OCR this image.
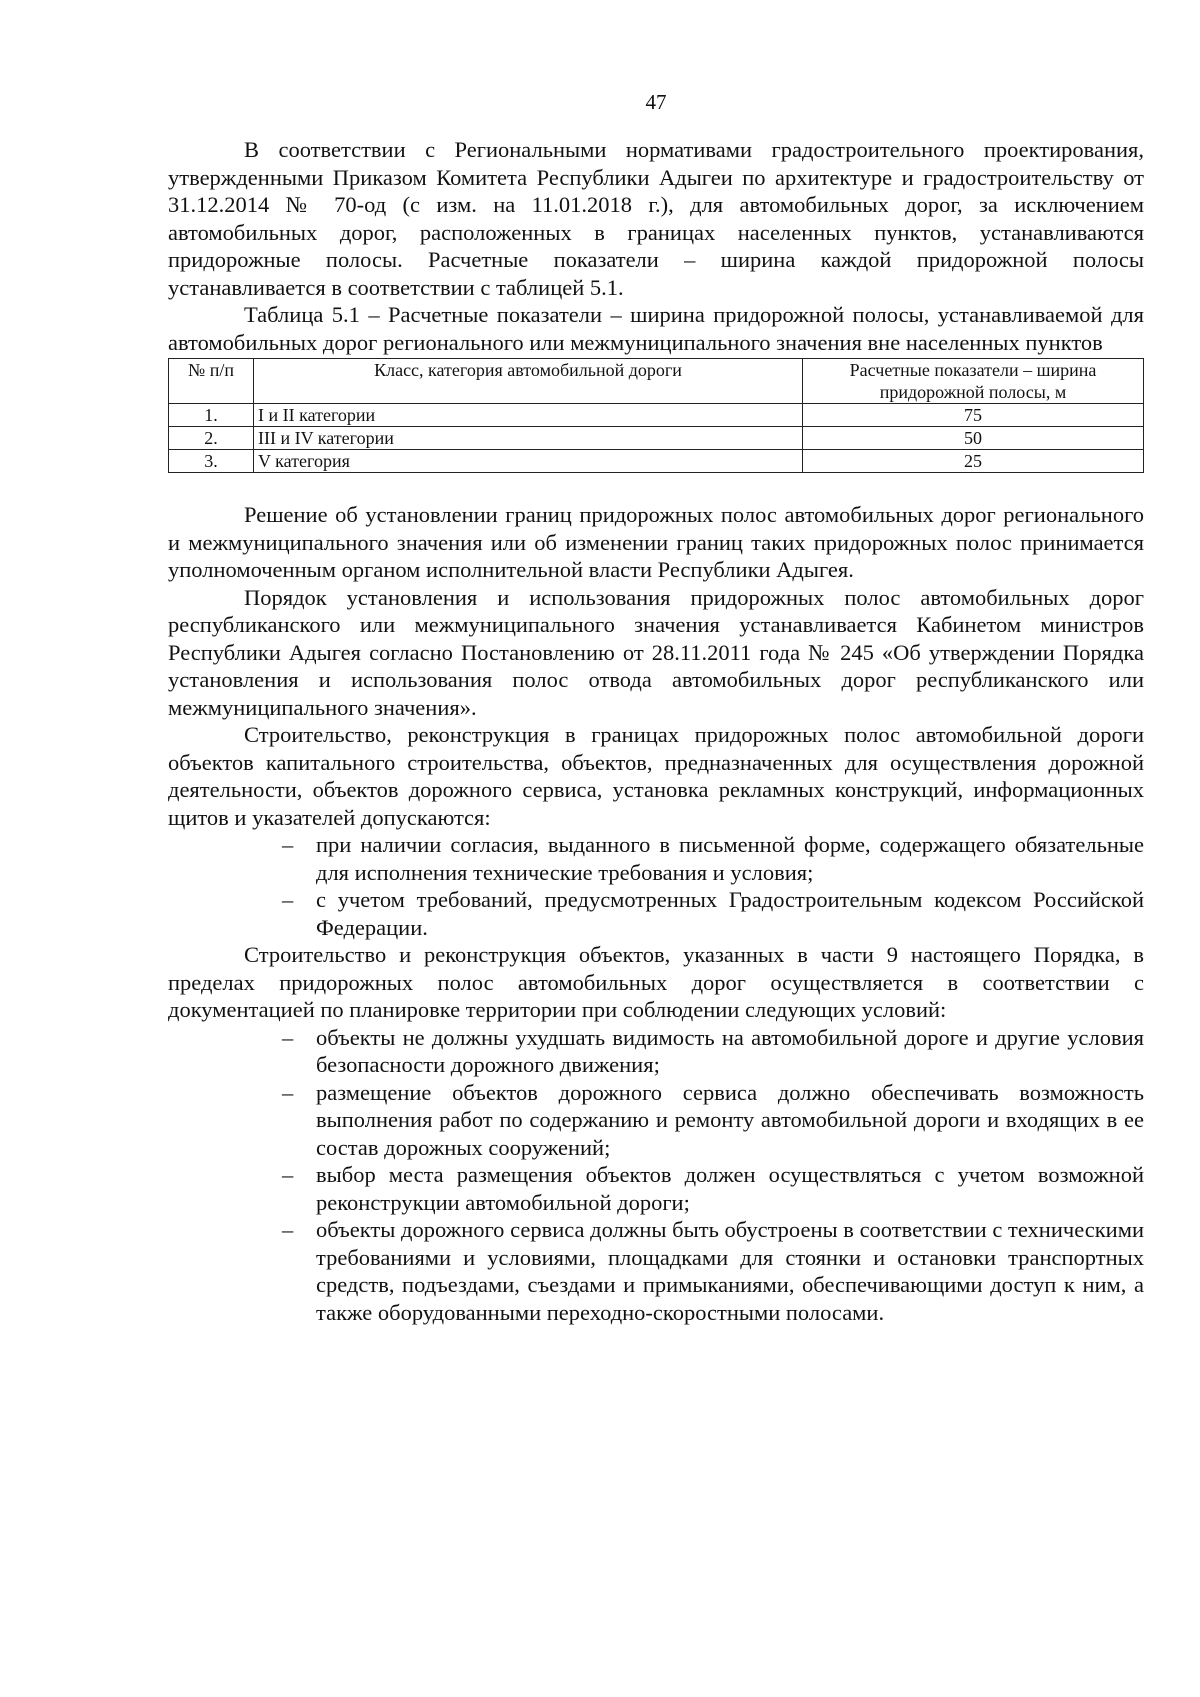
47

В соответствии с Региональными нормативами градостроительного проектирования, утвержденными Приказом Комитета Республики Адыгеи по архитектуре и градостроительству от 31.12.2014 № 70-од (с изм. на 11.01.2018 г.), для автомобильных дорог, за исключением автомобильных дорог, расположенных в границах населенных пунктов, устанавливаются придорожные полосы. Расчетные показатели – ширина каждой придорожной полосы устанавливается в соответствии с таблицей 5.1.

Таблица 5.1 – Расчетные показатели – ширина придорожной полосы, устанавливаемой для автомобильных дорог регионального или межмуниципального значения вне населенных пунктов

№ п/п	Класс, категория автомобильной дороги	Расчетные показатели – ширина придорожной полосы, м
1.	I и II категории	75
2.	III и IV категории	50
3.	V категория	25

Решение об установлении границ придорожных полос автомобильных дорог регионального и межмуниципального значения или об изменении границ таких придорожных полос принимается уполномоченным органом исполнительной власти Республики Адыгея.

Порядок установления и использования придорожных полос автомобильных дорог республиканского или межмуниципального значения устанавливается Кабинетом министров Республики Адыгея согласно Постановлению от 28.11.2011 года № 245 «Об утверждении Порядка установления и использования полос отвода автомобильных дорог республиканского или межмуниципального значения».

Строительство, реконструкция в границах придорожных полос автомобильной дороги объектов капитального строительства, объектов, предназначенных для осуществления дорожной деятельности, объектов дорожного сервиса, установка рекламных конструкций, информационных щитов и указателей допускаются:

– при наличии согласия, выданного в письменной форме, содержащего обязательные для исполнения технические требования и условия;
– с учетом требований, предусмотренных Градостроительным кодексом Российской Федерации.

Строительство и реконструкция объектов, указанных в части 9 настоящего Порядка, в пределах придорожных полос автомобильных дорог осуществляется в соответствии с документацией по планировке территории при соблюдении следующих условий:

– объекты не должны ухудшать видимость на автомобильной дороге и другие условия безопасности дорожного движения;
– размещение объектов дорожного сервиса должно обеспечивать возможность выполнения работ по содержанию и ремонту автомобильной дороги и входящих в ее состав дорожных сооружений;
– выбор места размещения объектов должен осуществляться с учетом возможной реконструкции автомобильной дороги;
– объекты дорожного сервиса должны быть обустроены в соответствии с техническими требованиями и условиями, площадками для стоянки и остановки транспортных средств, подъездами, съездами и примыканиями, обеспечивающими доступ к ним, а также оборудованными переходно-скоростными полосами.
